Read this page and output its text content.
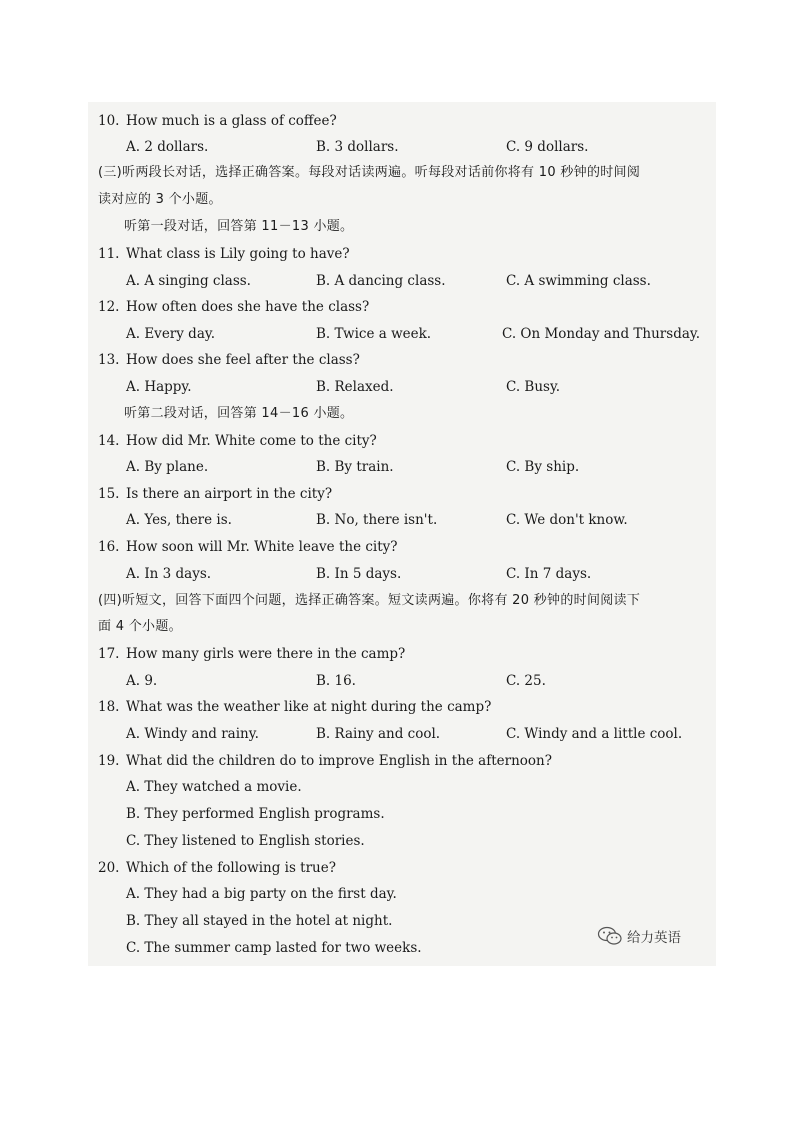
10. How much is a glass of coffee?
A. 2 dollars.	B. 3 dollars.	C. 9 dollars.
(三)听两段长对话，选择正确答案。每段对话读两遍。听每段对话前你将有 10 秒钟的时间阅
读对应的 3 个小题。
听第一段对话，回答第 11－13 小题。
11. What class is Lily going to have?
A. A singing class.	B. A dancing class.	C. A swimming class.
12. How often does she have the class?
A. Every day.	B. Twice a week.	C. On Monday and Thursday.
13. How does she feel after the class?
A. Happy.	B. Relaxed.	C. Busy.
听第二段对话，回答第 14－16 小题。
14. How did Mr. White come to the city?
A. By plane.	B. By train.	C. By ship.
15. Is there an airport in the city?
A. Yes, there is.	B. No, there isn't.	C. We don't know.
16. How soon will Mr. White leave the city?
A. In 3 days.	B. In 5 days.	C. In 7 days.
(四)听短文，回答下面四个问题，选择正确答案。短文读两遍。你将有 20 秒钟的时间阅读下
面 4 个小题。
17. How many girls were there in the camp?
A. 9.	B. 16.	C. 25.
18. What was the weather like at night during the camp?
A. Windy and rainy.	B. Rainy and cool.	C. Windy and a little cool.
19. What did the children do to improve English in the afternoon?
A. They watched a movie.
B. They performed English programs.
C. They listened to English stories.
20. Which of the following is true?
A. They had a big party on the first day.
B. They all stayed in the hotel at night.
C. The summer camp lasted for two weeks.
给力英语
